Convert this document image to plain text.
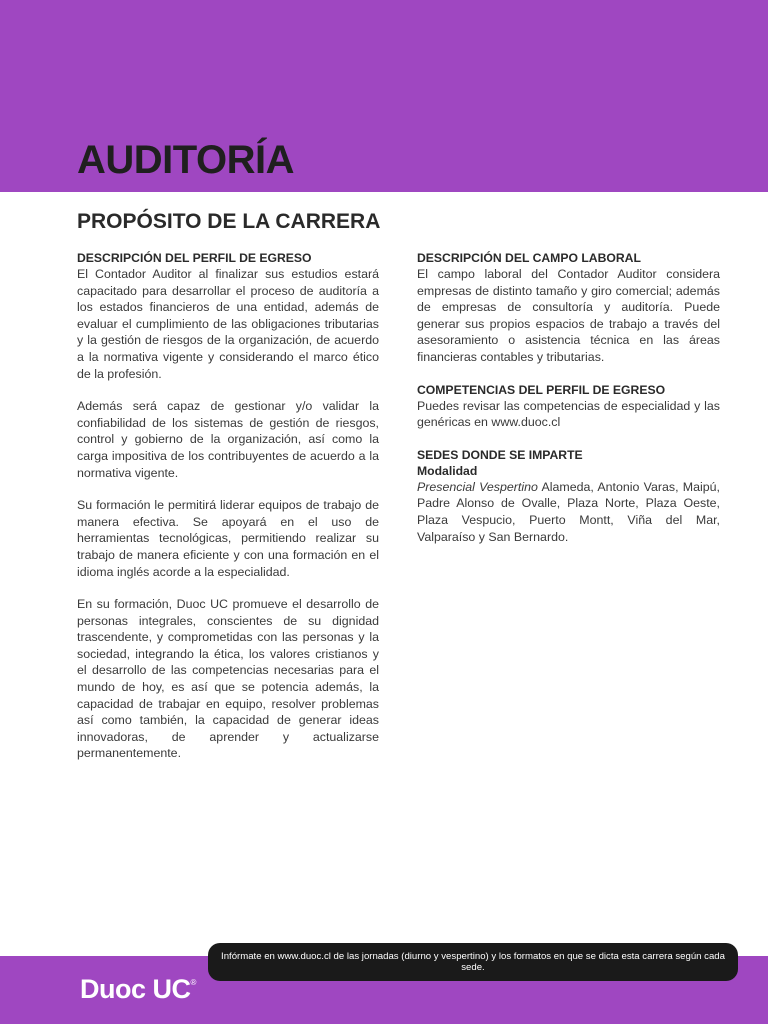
AUDITORÍA
PROPÓSITO DE LA CARRERA
DESCRIPCIÓN DEL PERFIL DE EGRESO

El Contador Auditor al finalizar sus estudios estará capacitado para desarrollar el proceso de auditoría a los estados financieros de una entidad, además de evaluar el cumplimiento de las obligaciones tributarias y la gestión de riesgos de la organización, de acuerdo a la normativa vigente y considerando el marco ético de la profesión.

Además será capaz de gestionar y/o validar la confiabilidad de los sistemas de gestión de riesgos, control y gobierno de la organización, así como la carga impositiva de los contribuyentes de acuerdo a la normativa vigente.

Su formación le permitirá liderar equipos de trabajo de manera efectiva. Se apoyará en el uso de herramientas tecnológicas, permitiendo realizar su trabajo de manera eficiente y con una formación en el idioma inglés acorde a la especialidad.

En su formación, Duoc UC promueve el desarrollo de personas integrales, conscientes de su dignidad trascendente, y comprometidas con las personas y la sociedad, integrando la ética, los valores cristianos y el desarrollo de las competencias necesarias para el mundo de hoy, es así que se potencia además, la capacidad de trabajar en equipo, resolver problemas así como también, la capacidad de generar ideas innovadoras, de aprender y actualizarse permanentemente.

DESCRIPCIÓN DEL CAMPO LABORAL

El campo laboral del Contador Auditor considera empresas de distinto tamaño y giro comercial; además de empresas de consultoría y auditoría. Puede generar sus propios espacios de trabajo a través del asesoramiento o asistencia técnica en las áreas financieras contables y tributarias.

COMPETENCIAS DEL PERFIL DE EGRESO

Puedes revisar las competencias de especialidad y las genéricas en www.duoc.cl

SEDES DONDE SE IMPARTE
Modalidad

Presencial Vespertino Alameda, Antonio Varas, Maipú, Padre Alonso de Ovalle, Plaza Norte, Plaza Oeste, Plaza Vespucio, Puerto Montt, Viña del Mar, Valparaíso y San Bernardo.

Infórmate en www.duoc.cl de las jornadas (diurno y vespertino) y los formatos en que se dicta esta carrera según cada sede.
Duoc UC®
